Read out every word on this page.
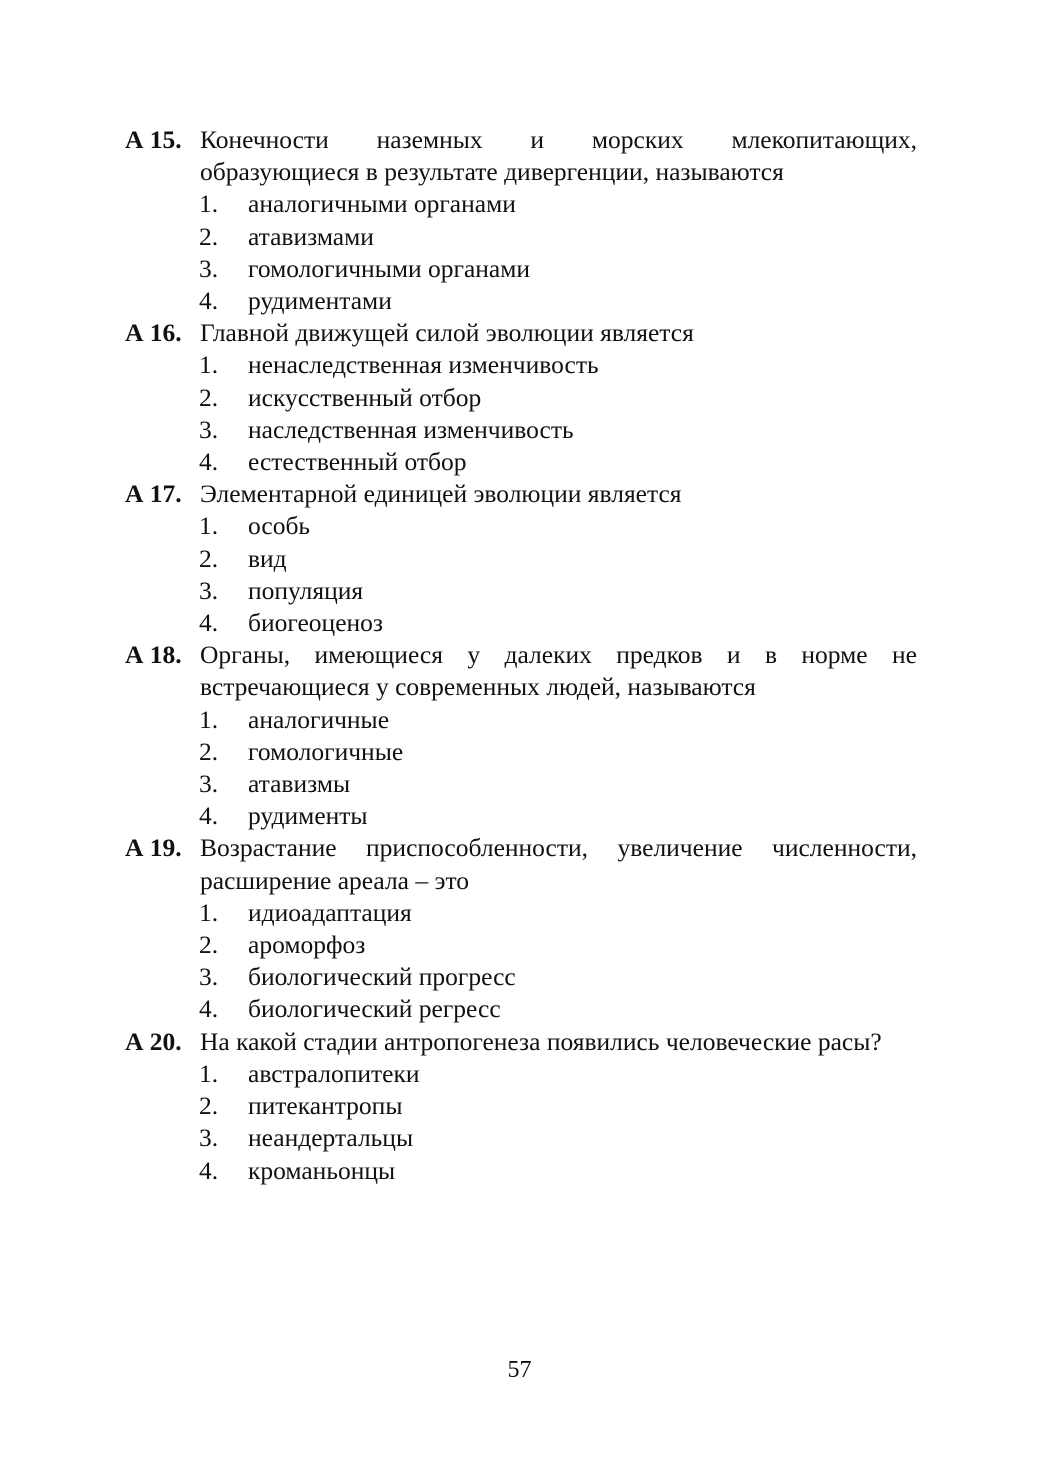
А 15. Конечности наземных и морских млекопитающих, образующиеся в результате дивергенции, называются
1. аналогичными органами
2. атавизмами
3. гомологичными органами
4. рудиментами
А 16. Главной движущей силой эволюции является
1. ненаследственная изменчивость
2. искусственный отбор
3. наследственная изменчивость
4. естественный отбор
А 17. Элементарной единицей эволюции является
1. особь
2. вид
3. популяция
4. биогеоценоз
А 18. Органы, имеющиеся у далеких предков и в норме не встречающиеся у современных людей, называются
1. аналогичные
2. гомологичные
3. атавизмы
4. рудименты
А 19. Возрастание приспособленности, увеличение численности, расширение ареала – это
1. идиоадаптация
2. ароморфоз
3. биологический прогресс
4. биологический регресс
А 20. На какой стадии антропогенеза появились человеческие расы?
1. австралопитеки
2. питекантропы
3. неандертальцы
4. кроманьонцы
57
